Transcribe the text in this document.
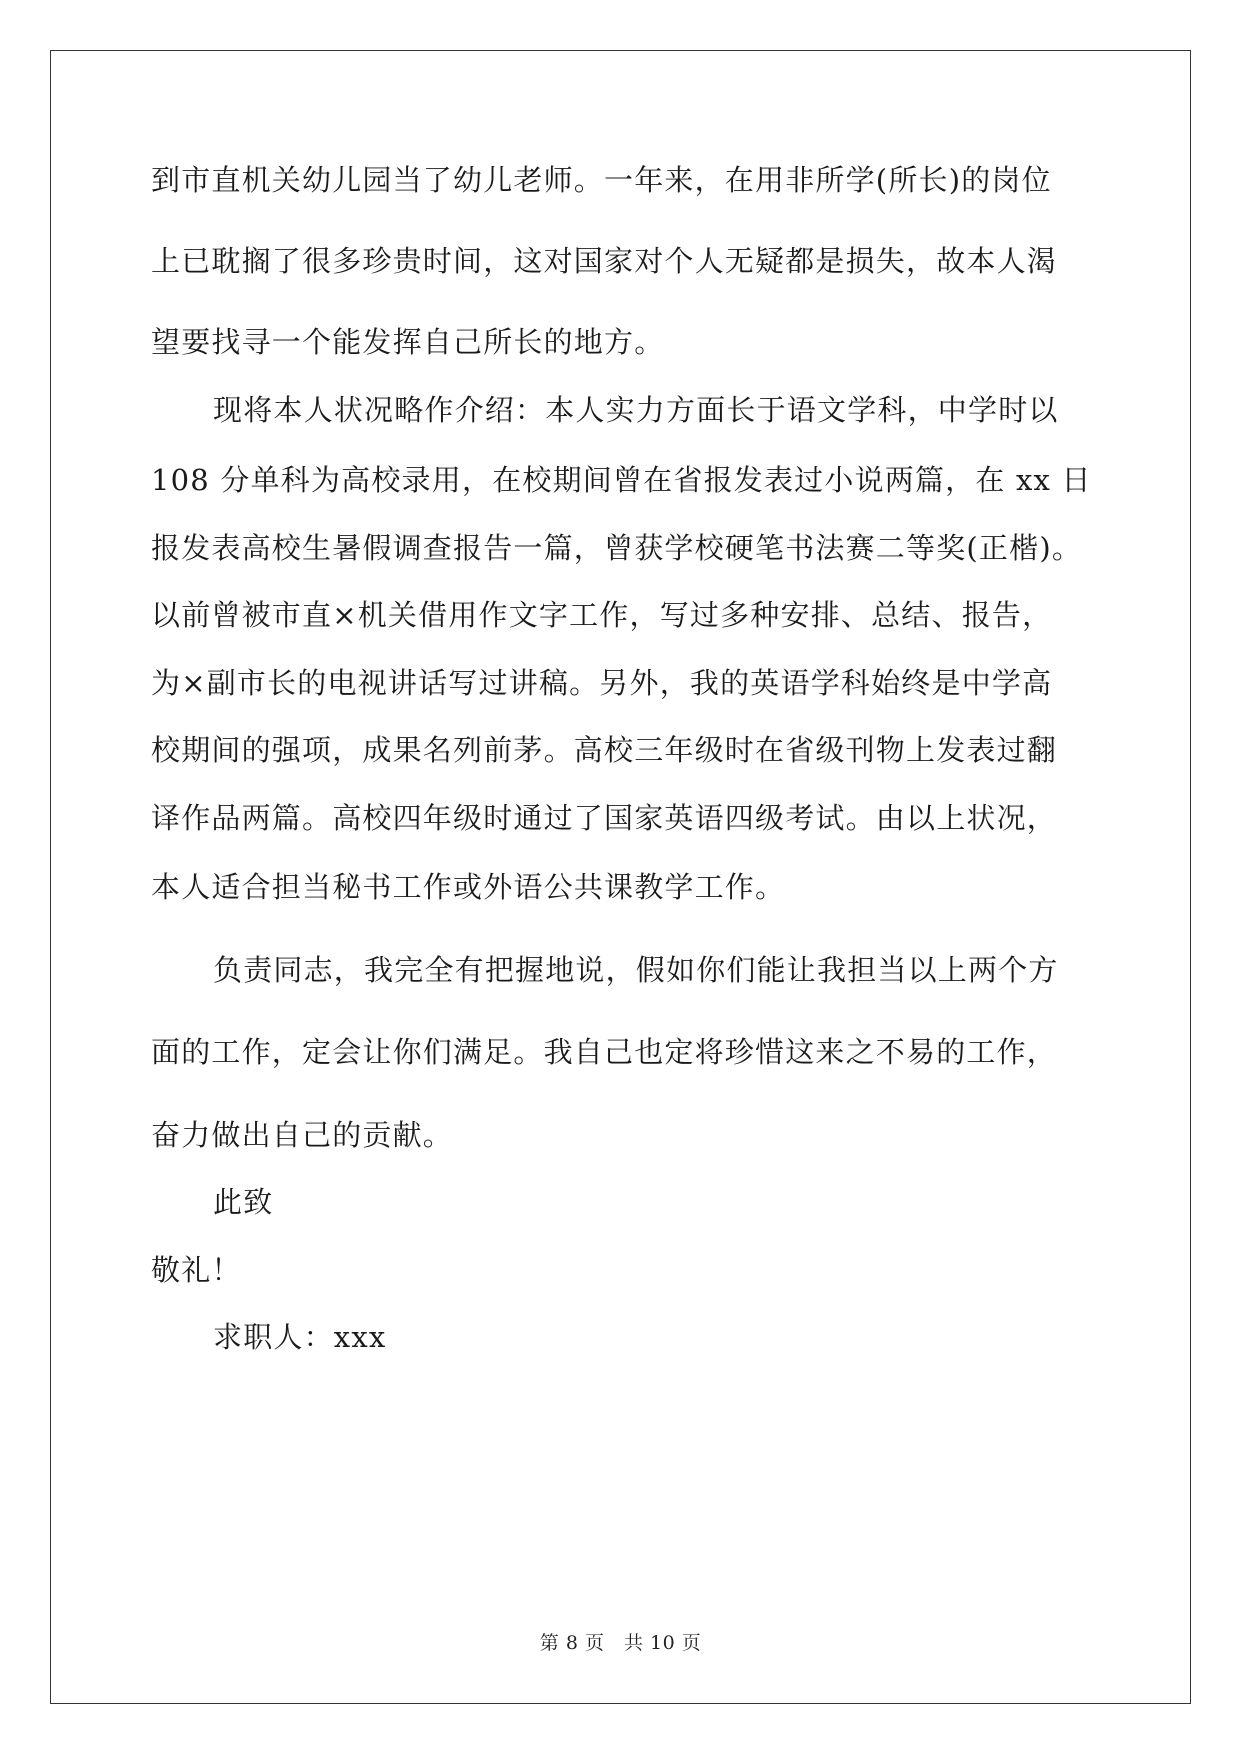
到市直机关幼儿园当了幼儿老师。一年来，在用非所学(所长)的岗位
上已耽搁了很多珍贵时间，这对国家对个人无疑都是损失，故本人渴
望要找寻一个能发挥自己所长的地方。
现将本人状况略作介绍：本人实力方面长于语文学科，中学时以
108 分单科为高校录用，在校期间曾在省报发表过小说两篇，在 xx 日
报发表高校生暑假调查报告一篇，曾获学校硬笔书法赛二等奖(正楷)。
以前曾被市直×机关借用作文字工作，写过多种安排、总结、报告，
为×副市长的电视讲话写过讲稿。另外，我的英语学科始终是中学高
校期间的强项，成果名列前茅。高校三年级时在省级刊物上发表过翻
译作品两篇。高校四年级时通过了国家英语四级考试。由以上状况，
本人适合担当秘书工作或外语公共课教学工作。
负责同志，我完全有把握地说，假如你们能让我担当以上两个方
面的工作，定会让你们满足。我自己也定将珍惜这来之不易的工作，
奋力做出自己的贡献。
此致
敬礼！
求职人：xxx
第 8 页　共 10 页
